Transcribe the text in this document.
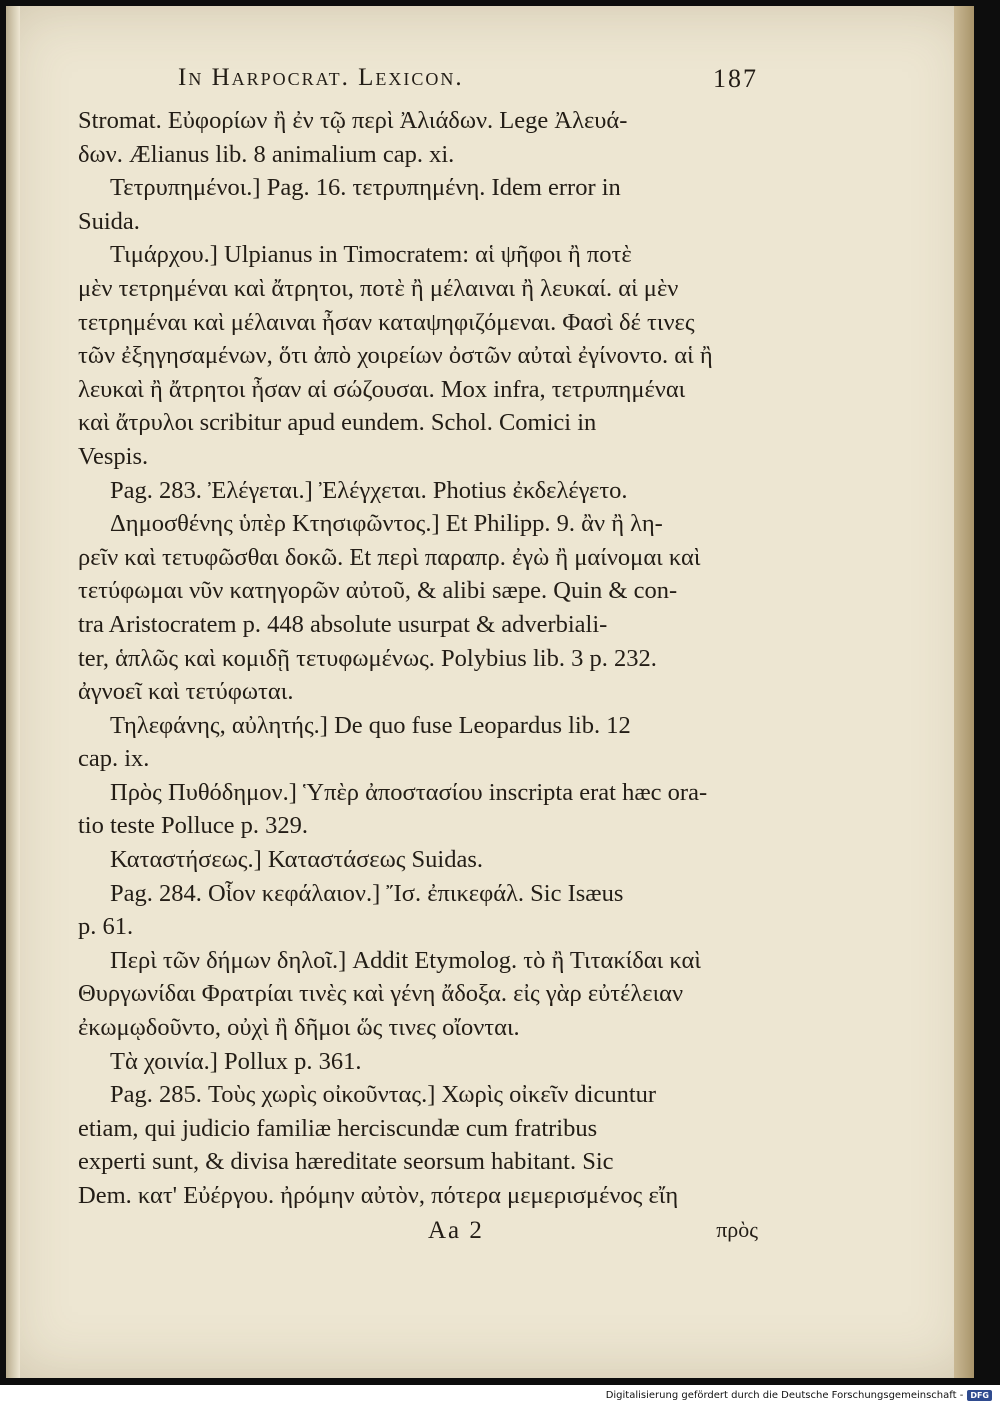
In Harpocrat. Lexicon.	187
Stromat. Εὐφορίων ἢ ἐν τῷ περὶ Ἀλιάδων. Lege Ἀλευά-
δων. Ælianus lib. 8 animalium cap. xi.
Τετρυπημένοι.] Pag. 16. τετρυπημένη. Idem error in
Suida.
Τιμάρχου.] Ulpianus in Timocratem: αἱ ψῆφοι ἢ ποτὲ
μὲν τετρημέναι καὶ ἄτρητοι, ποτὲ ἢ μέλαιναι ἢ λευκαί. αἱ μὲν
τετρημέναι καὶ μέλαιναι ἦσαν καταψηφιζόμεναι. Φασὶ δέ τινες
τῶν ἐξηγησαμένων, ὅτι ἀπὸ χοιρείων ὀστῶν αὐταὶ ἐγίνοντο. αἱ ἢ
λευκαὶ ἢ ἄτρητοι ἦσαν αἱ σώζουσαι. Mox infra, τετρυπημέναι
καὶ ἄτρυλοι scribitur apud eundem. Schol. Comici in
Vespis.
Pag. 283. Ἐλέγεται.] Ἐλέγχεται. Photius ἐκδελέγετο.
Δημοσθένης ὑπὲρ Κτησιφῶντος.] Et Philipp. 9. ἂν ἢ λη-
ρεῖν καὶ τετυφῶσθαι δοκῶ. Et περὶ παραπρ. ἐγὼ ἢ μαίνομαι καὶ
τετύφωμαι νῦν κατηγορῶν αὐτοῦ, & alibi sæpe. Quin & con-
tra Aristocratem p. 448 absolute usurpat & adverbiali-
ter, ἁπλῶς καὶ κομιδῇ τετυφωμένως. Polybius lib. 3 p. 232.
ἀγνοεῖ καὶ τετύφωται.
Τηλεφάνης, αὐλητής.] De quo fuse Leopardus lib. 12
cap. ix.
Πρὸς Πυθόδημον.] Ὑπὲρ ἀποστασίου inscripta erat hæc ora-
tio teste Polluce p. 329.
Καταστήσεως.] Καταστάσεως Suidas.
Pag. 284. Οἷον κεφάλαιον.] Ἴσ. ἐπικεφάλ. Sic Isæus
p. 61.
Περὶ τῶν δήμων δηλοῖ.] Addit Etymolog. τὸ ἢ Τιτακίδαι καὶ
Θυργωνίδαι Φρατρίαι τινὲς καὶ γένη ἄδοξα. εἰς γὰρ εὐτέλειαν
ἐκωμῳδοῦντο, οὐχὶ ἢ δῆμοι ὥς τινες οἴονται.
Τὰ χοινία.] Pollux p. 361.
Pag. 285. Τοὺς χωρὶς οἰκοῦντας.] Χωρὶς οἰκεῖν dicuntur
etiam, qui judicio familiæ herciscundæ cum fratribus
experti sunt, & divisa hæreditate seorsum habitant. Sic
Dem. κατ' Εὐέργου. ἠρόμην αὐτὸν, πότερα μεμερισμένος εἴη
Aa 2	πρὸς
Digitalisierung gefördert durch die Deutsche Forschungsgemeinschaft - DFG
